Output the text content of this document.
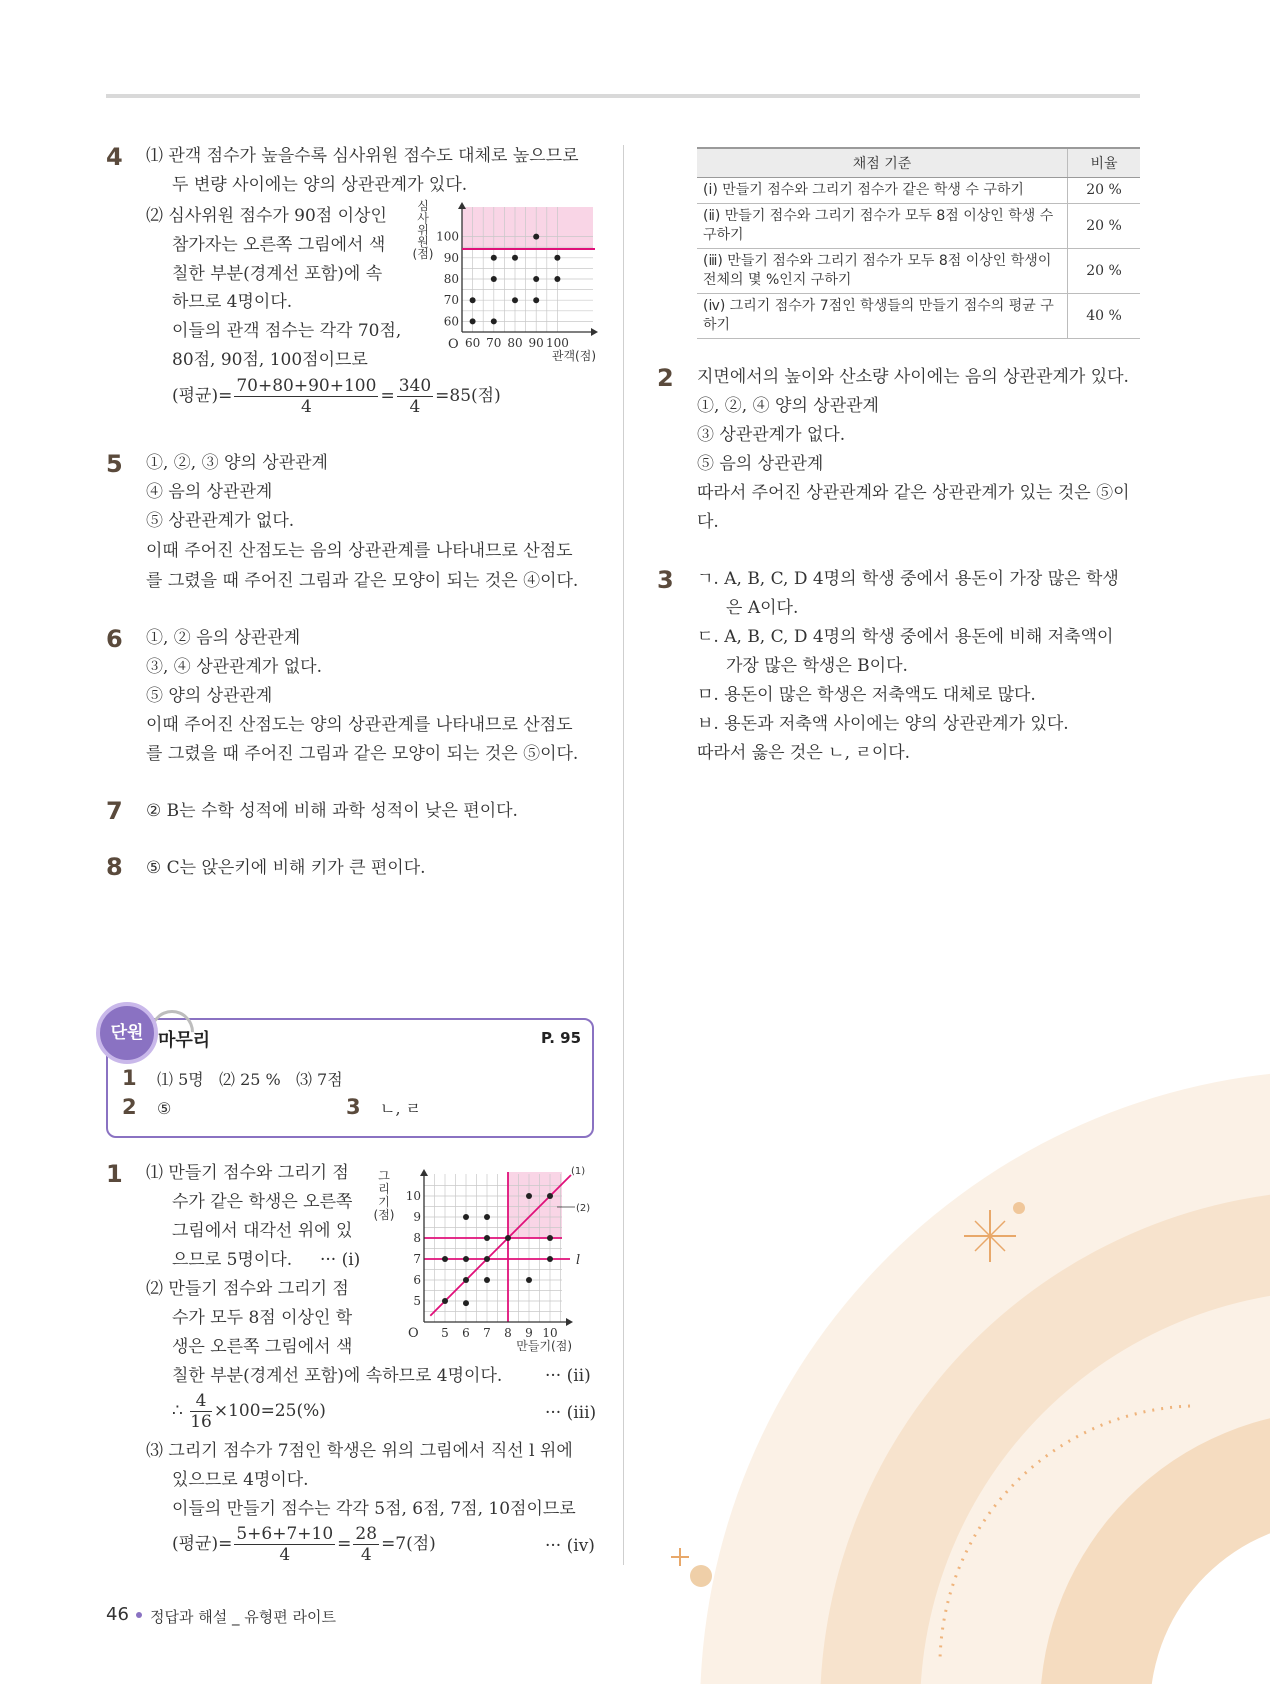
4 ⑴ 관객 점수가 높을수록 심사위원 점수도 대체로 높으므로
두 변량 사이에는 양의 상관관계가 있다.
⑵ 심사위원 점수가 90점 이상인
참가자는 오른쪽 그림에서 색
칠한 부분(경계선 포함)에 속
하므로 4명이다.
이들의 관객 점수는 각각 70점,
80점, 90점, 100점이므로
(평균)= $\frac{70+80+90+100}{4} = \frac{340}{4} =85$(점)
60 70 80 90 100
60
70
80
90
100
O
관객(점)
심
사
위
원
(점)
5 ①, ②, ③ 양의 상관관계
④ 음의 상관관계
⑤ 상관관계가 없다.
이때 주어진 산점도는 음의 상관관계를 나타내므로 산점도
를 그렸을 때 주어진 그림과 같은 모양이 되는 것은 ④이다.
6 ①, ② 음의 상관관계
③, ④ 상관관계가 없다.
⑤ 양의 상관관계
이때 주어진 산점도는 양의 상관관계를 나타내므로 산점도
를 그렸을 때 주어진 그림과 같은 모양이 되는 것은 ⑤이다.
7 ② B는 수학 성적에 비해 과학 성적이 낮은 편이다.
8 ⑤ C는 앉은키에 비해 키가 큰 편이다.
단원 마무리	P. 95
1 ⑴ 5명   ⑵ 25 %   ⑶ 7점
2 ⑤	3 ㄴ, ㄹ
1 ⑴ 만들기 점수와 그리기 점
수가 같은 학생은 오른쪽
그림에서 대각선 위에 있
으므로 5명이다. ··· (ⅰ)
⑵ 만들기 점수와 그리기 점
수가 모두 8점 이상인 학
생은 오른쪽 그림에서 색
칠한 부분(경계선 포함)에 속하므로 4명이다.	··· (ⅱ)
∴ $\frac{4}{16} \times 100=25(\%)$	··· (ⅲ)
⑶ 그리기 점수가 7점인 학생은 위의 그림에서 직선 l 위에
있으므로 4명이다.
이들의 만들기 점수는 각각 5점, 6점, 7점, 10점이므로
(평균)= $\frac{5+6+7+10}{4} = \frac{28}{4} =7$(점)	··· (ⅳ)
5 6 7 8 9 10
5
6
7
8
9
10
O
만들기(점)
(1)
(2)
l
그
리
기
(점)
채점 기준	비율
(ⅰ) 만들기 점수와 그리기 점수가 같은 학생 수 구하기	20 %
(ⅱ) 만들기 점수와 그리기 점수가 모두 8점 이상인 학생 수 구하기	20 %
(ⅲ) 만들기 점수와 그리기 점수가 모두 8점 이상인 학생이 전체의 몇 %인지 구하기	20 %
(ⅳ) 그리기 점수가 7점인 학생들의 만들기 점수의 평균 구하기	40 %
2 지면에서의 높이와 산소량 사이에는 음의 상관관계가 있다.
①, ②, ④ 양의 상관관계
③ 상관관계가 없다.
⑤ 음의 상관관계
따라서 주어진 상관관계와 같은 상관관계가 있는 것은 ⑤이
다.
3 ㄱ. A, B, C, D 4명의 학생 중에서 용돈이 가장 많은 학생
은 A이다.
ㄷ. A, B, C, D 4명의 학생 중에서 용돈에 비해 저축액이
가장 많은 학생은 B이다.
ㅁ. 용돈이 많은 학생은 저축액도 대체로 많다.
ㅂ. 용돈과 저축액 사이에는 양의 상관관계가 있다.
따라서 옳은 것은 ㄴ, ㄹ이다.
46 정답과 해설 _ 유형편 라이트
